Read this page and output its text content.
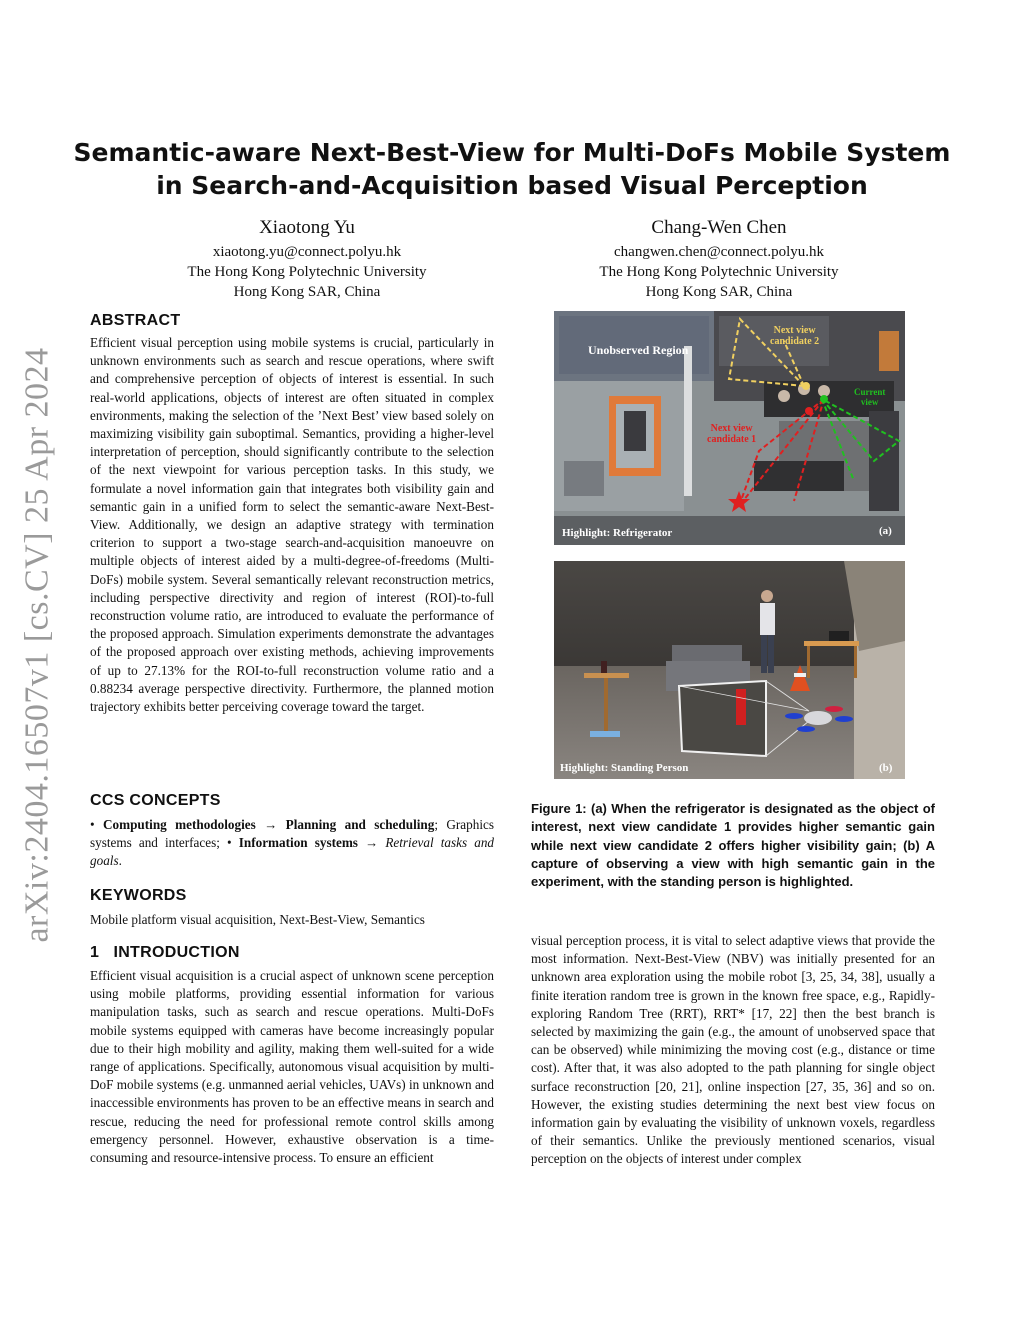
arXiv:2404.16507v1 [cs.CV] 25 Apr 2024
Semantic-aware Next-Best-View for Multi-DoFs Mobile System in Search-and-Acquisition based Visual Perception
Xiaotong Yu
xiaotong.yu@connect.polyu.hk
The Hong Kong Polytechnic University
Hong Kong SAR, China
Chang-Wen Chen
changwen.chen@connect.polyu.hk
The Hong Kong Polytechnic University
Hong Kong SAR, China
ABSTRACT

Efficient visual perception using mobile systems is crucial, particularly in unknown environments such as search and rescue operations, where swift and comprehensive perception of objects of interest is essential. In such real-world applications, objects of interest are often situated in complex environments, making the selection of the ’Next Best’ view based solely on maximizing visibility gain suboptimal. Semantics, providing a higher-level interpretation of perception, should significantly contribute to the selection of the next viewpoint for various perception tasks. In this study, we formulate a novel information gain that integrates both visibility gain and semantic gain in a unified form to select the semantic-aware Next-Best-View. Additionally, we design an adaptive strategy with termination criterion to support a two-stage search-and-acquisition manoeuvre on multiple objects of interest aided by a multi-degree-of-freedoms (Multi-DoFs) mobile system. Several semantically relevant reconstruction metrics, including perspective directivity and region of interest (ROI)-to-full reconstruction volume ratio, are introduced to evaluate the performance of the proposed approach. Simulation experiments demonstrate the advantages of the proposed approach over existing methods, achieving improvements of up to 27.13% for the ROI-to-full reconstruction volume ratio and a 0.88234 average perspective directivity. Furthermore, the planned motion trajectory exhibits better perceiving coverage toward the target.

CCS CONCEPTS

• Computing methodologies → Planning and scheduling; Graphics systems and interfaces; • Information systems → Retrieval tasks and goals.

KEYWORDS

Mobile platform visual acquisition, Next-Best-View, Semantics

1 INTRODUCTION

Efficient visual acquisition is a crucial aspect of unknown scene perception using mobile platforms, providing essential information for various manipulation tasks, such as search and rescue operations. Multi-DoFs mobile systems equipped with cameras have become increasingly popular due to their high mobility and agility, making them well-suited for a wide range of applications. Specifically, autonomous visual acquisition by multi-DoF mobile systems (e.g. unmanned aerial vehicles, UAVs) in unknown and inaccessible environments has proven to be an effective means in search and rescue, reducing the need for professional remote control skills among emergency personnel. However, exhaustive observation is a time-consuming and resource-intensive process. To ensure an efficient

Unobserved Region
Next view
candidate 2
Next view
candidate 1
Current
view
Highlight: Refrigerator	(a)
Highlight: Standing Person	(b)

Figure 1: (a) When the refrigerator is designated as the object of interest, next view candidate 1 provides higher semantic gain while next view candidate 2 offers higher visibility gain; (b) A capture of observing a view with high semantic gain in the experiment, with the standing person is highlighted.

visual perception process, it is vital to select adaptive views that provide the most information. Next-Best-View (NBV) was initially presented for an unknown area exploration using the mobile robot [3, 25, 34, 38], usually a finite iteration random tree is grown in the known free space, e.g., Rapidly-exploring Random Tree (RRT), RRT* [17, 22] then the best branch is selected by maximizing the gain (e.g., the amount of unobserved space that can be observed) while minimizing the moving cost (e.g., distance or time cost). After that, it was also adopted to the path planning for single object surface reconstruction [20, 21], online inspection [27, 35, 36] and so on. However, the existing studies determining the next best view focus on information gain by evaluating the visibility of unknown voxels, regardless of their semantics. Unlike the previously mentioned scenarios, visual perception on the objects of interest under complex
